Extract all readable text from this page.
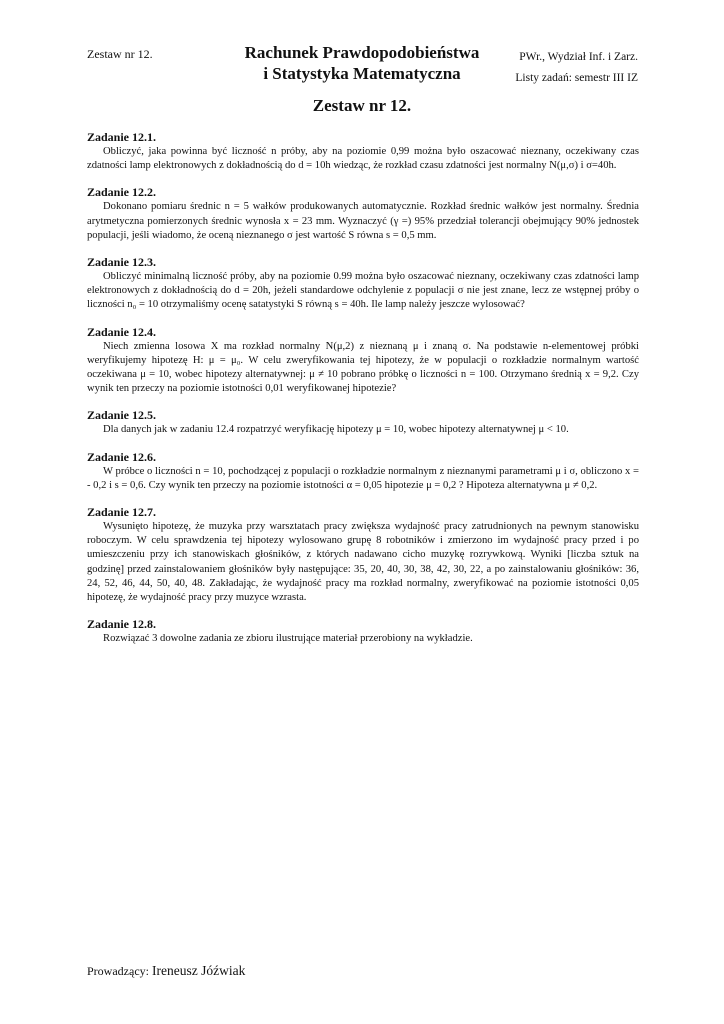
Zestaw nr 12.	Rachunek Prawdopodobieństwa
i Statystyka Matematyczna
PWr., Wydział Inf. i Zarz.
Listy zadań: semestr III IZ
Zestaw nr 12.
Zadanie 12.1.

Obliczyć, jaka powinna być liczność n próby, aby na poziomie 0,99 można było oszacować nieznany, oczekiwany czas zdatności lamp elektronowych z dokładnością do d = 10h wiedząc, że rozkład czasu zdatności jest normalny N(μ,σ) i σ=40h.

Zadanie 12.2.

Dokonano pomiaru średnic n = 5 wałków produkowanych automatycznie. Rozkład średnic wałków jest normalny. Średnia arytmetyczna pomierzonych średnic wynosła x = 23 mm. Wyznaczyć (γ =) 95% przedział tolerancji obejmujący 90% jednostek populacji, jeśli wiadomo, że oceną nieznanego σ jest wartość S równa s = 0,5 mm.

Zadanie 12.3.

Obliczyć minimalną liczność próby, aby na poziomie 0.99 można było oszacować nieznany, oczekiwany czas zdatności lamp elektronowych z dokładnością do d = 20h, jeżeli standardowe odchylenie z populacji σ nie jest znane, lecz ze wstępnej próby o liczności n₀ = 10 otrzymaliśmy ocenę satatystyki S równą s = 40h. Ile lamp należy jeszcze wylosować?

Zadanie 12.4.

Niech zmienna losowa X ma rozkład normalny N(μ,2) z nieznaną μ i znaną σ. Na podstawie n-elementowej próbki weryfikujemy hipotezę H: μ = μ₀. W celu zweryfikowania tej hipotezy, że w populacji o rozkładzie normalnym wartość oczekiwana μ = 10, wobec hipotezy alternatywnej: μ ≠ 10 pobrano próbkę o liczności n = 100. Otrzymano średnią x = 9,2. Czy wynik ten przeczy na poziomie istotności 0,01 weryfikowanej hipotezie?

Zadanie 12.5.

Dla danych jak w zadaniu 12.4 rozpatrzyć weryfikację hipotezy μ = 10, wobec hipotezy alternatywnej μ < 10.

Zadanie 12.6.

W próbce o liczności n = 10, pochodzącej z populacji o rozkładzie normalnym z nieznanymi parametrami μ i σ, obliczono x = - 0,2 i s = 0,6. Czy wynik ten przeczy na poziomie istotności α = 0,05 hipotezie μ = 0,2 ? Hipoteza alternatywna μ ≠ 0,2.

Zadanie 12.7.

Wysunięto hipotezę, że muzyka przy warsztatach pracy zwiększa wydajność pracy zatrudnionych na pewnym stanowisku roboczym. W celu sprawdzenia tej hipotezy wylosowano grupę 8 robotników i zmierzono im wydajność pracy przed i po umieszczeniu przy ich stanowiskach głośników, z których nadawano cicho muzykę rozrywkową. Wyniki [liczba sztuk na godzinę] przed zainstalowaniem głośników były następujące: 35, 20, 40, 30, 38, 42, 30, 22, a po zainstalowaniu głośników: 36, 24, 52, 46, 44, 50, 40, 48. Zakładając, że wydajność pracy ma rozkład normalny, zweryfikować na poziomie istotności 0,05 hipotezę, że wydajność pracy przy muzyce wzrasta.

Zadanie 12.8.

Rozwiązać 3 dowolne zadania ze zbioru ilustrujące materiał przerobiony na wykładzie.

Prowadzący: Ireneusz Jóźwiak
